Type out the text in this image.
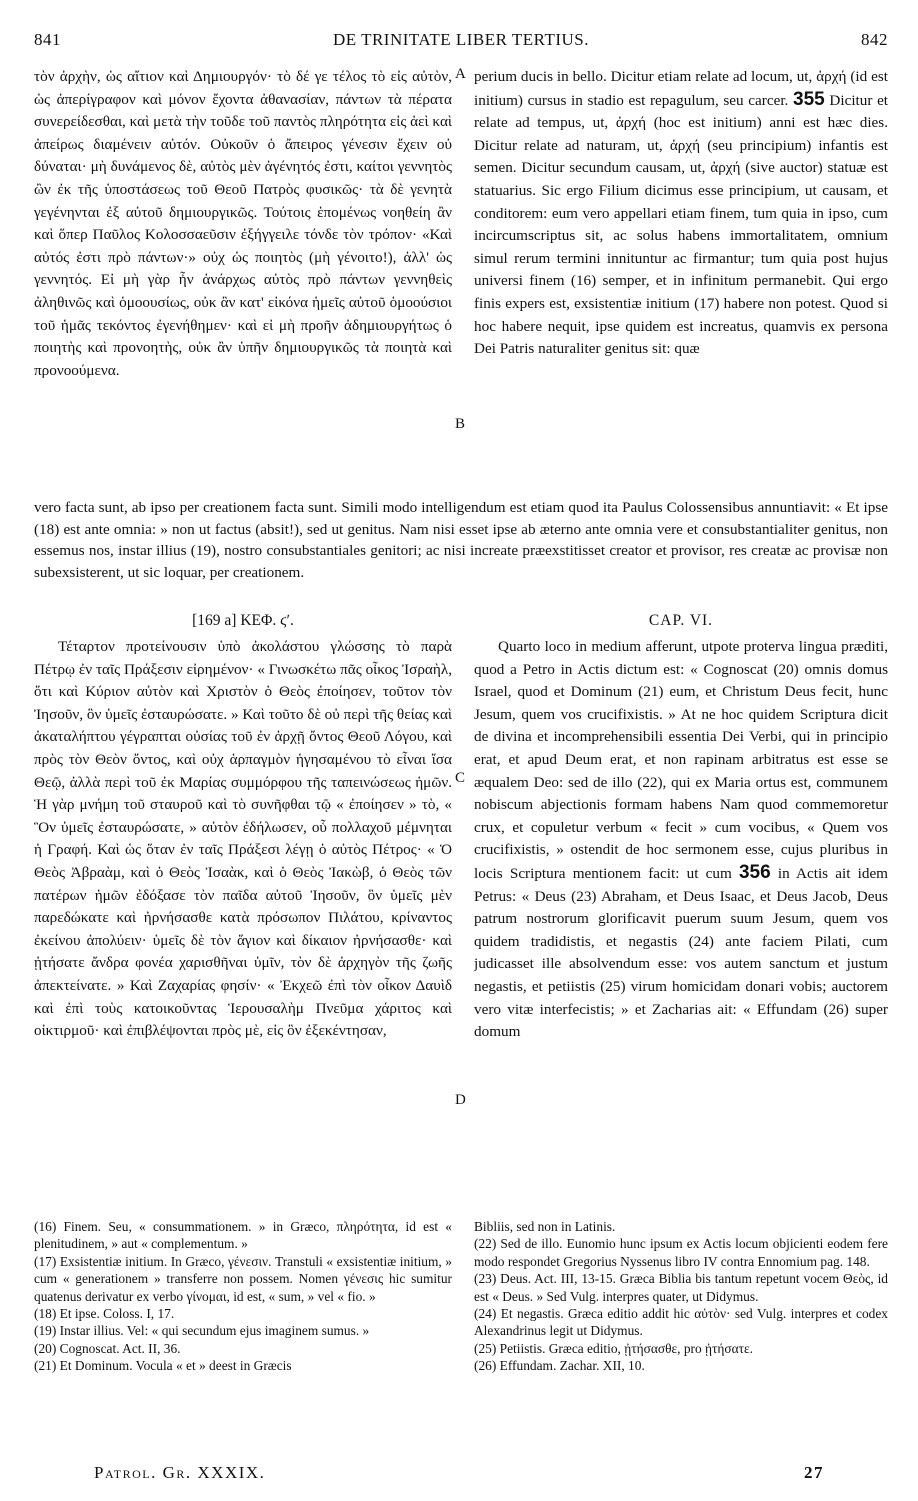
841	DE TRINITATE LIBER TERTIUS.	842

τὸν ἀρχὴν, ὡς αἴτιον καὶ Δημιουργόν· τὸ δέ γε τέλος τὸ εἰς αὐτὸν, ὡς ἀπερίγραφον καὶ μόνον ἔχοντα ἀθανασίαν, πάντων τὰ πέρατα συνερείδεσθαι, καὶ μετὰ τὴν τοῦδε τοῦ παντὸς πληρότητα εἰς ἀεὶ καὶ ἀπείρως διαμένειν αὐτόν. Οὐκοῦν ὁ ἄπειρος γένεσιν ἔχειν οὐ δύναται· μὴ δυνάμενος δὲ, αὐτὸς μὲν ἀγένητός ἐστι, καίτοι γεννητὸς ὢν ἐκ τῆς ὑποστάσεως τοῦ Θεοῦ Πατρὸς φυσικῶς· τὰ δὲ γενητὰ γεγένηνται ἐξ αὐτοῦ δημιουργικῶς. Τούτοις ἑπομένως νοηθείη ἂν καὶ ὅπερ Παῦλος Κολοσσαεῦσιν ἐξήγγειλε τόνδε τὸν τρόπον· «Καὶ αὐτός ἐστι πρὸ πάντων·» οὐχ ὡς ποιητὸς (μὴ γένοιτο!), ἀλλ' ὡς γεννητός. Εἰ μὴ γὰρ ἦν ἀνάρχως αὐτὸς πρὸ πάντων γεννηθεὶς ἀληθινῶς καὶ ὁμοουσίως, οὐκ ἂν κατ' εἰκόνα ἡμεῖς αὐτοῦ ὁμοούσιοι τοῦ ἡμᾶς τεκόντος ἐγενήθημεν· καὶ εἰ μὴ προῆν ἀδημιουργήτως ὁ ποιητὴς καὶ προνοητὴς, οὐκ ἂν ὑπῆν δημιουργικῶς τὰ ποιητὰ καὶ προνοούμενα.

A
B

perium ducis in bello. Dicitur etiam relate ad locum, ut, ἀρχή (id est initium) cursus in stadio est repagulum, seu carcer. 355 Dicitur et relate ad tempus, ut, ἀρχή (hoc est initium) anni est hæc dies. Dicitur relate ad naturam, ut, ἀρχή (seu principium) infantis est semen. Dicitur secundum causam, ut, ἀρχή (sive auctor) statuæ est statuarius. Sic ergo Filium dicimus esse principium, ut causam, et conditorem: eum vero appellari etiam finem, tum quia in ipso, cum incircumscriptus sit, ac solus habens immortalitatem, omnium simul rerum termini innituntur ac firmantur; tum quia post hujus universi finem (16) semper, et in infinitum permanebit. Qui ergo finis expers est, exsistentiæ initium (17) habere non potest. Quod si hoc habere nequit, ipse quidem est increatus, quamvis ex persona Dei Patris naturaliter genitus sit: quæ

vero facta sunt, ab ipso per creationem facta sunt. Simili modo intelligendum est etiam quod ita Paulus Colossensibus annuntiavit: « Et ipse (18) est ante omnia: » non ut factus (absit!), sed ut genitus. Nam nisi esset ipse ab æterno ante omnia vere et consubstantialiter genitus, non essemus nos, instar illius (19), nostro consubstantiales genitori; ac nisi increate præexstitisset creator et provisor, res creatæ ac provisæ non subexsisterent, ut sic loquar, per creationem.

[169 a] ΚΕΦ. ϛʹ.	CAP. VI.

Τέταρτον προτείνουσιν ὑπὸ ἀκολάστου γλώσσης τὸ παρὰ Πέτρῳ ἐν ταῖς Πράξεσιν εἰρημένον· « Γινωσκέτω πᾶς οἶκος Ἰσραὴλ, ὅτι καὶ Κύριον αὐτὸν καὶ Χριστὸν ὁ Θεὸς ἐποίησεν, τοῦτον τὸν Ἰησοῦν, ὃν ὑμεῖς ἐσταυρώσατε. » Καὶ τοῦτο δὲ οὐ περὶ τῆς θείας καὶ ἀκαταλήπτου γέγραπται οὐσίας τοῦ ἐν ἀρχῇ ὄντος Θεοῦ Λόγου, καὶ πρὸς τὸν Θεὸν ὄντος, καὶ οὐχ ἁρπαγμὸν ἡγησαμένου τὸ εἶναι ἴσα Θεῷ, ἀλλὰ περὶ τοῦ ἐκ Μαρίας συμμόρφου τῆς ταπεινώσεως ἡμῶν. Ἡ γὰρ μνήμη τοῦ σταυροῦ καὶ τὸ συνῆφθαι τῷ « ἐποίησεν » τὸ, « Ὃν ὑμεῖς ἐσταυρώσατε, » αὐτὸν ἐδήλωσεν, οὗ πολλαχοῦ μέμνηται ἡ Γραφή. Καὶ ὡς ὅταν ἐν ταῖς Πράξεσι λέγῃ ὁ αὐτὸς Πέτρος· « Ὁ Θεὸς Ἀβραὰμ, καὶ ὁ Θεὸς Ἰσαὰκ, καὶ ὁ Θεὸς Ἰακὼβ, ὁ Θεὸς τῶν πατέρων ἡμῶν ἐδόξασε τὸν παῖδα αὐτοῦ Ἰησοῦν, ὃν ὑμεῖς μὲν παρεδώκατε καὶ ἠρνήσασθε κατὰ πρόσωπον Πιλάτου, κρίναντος ἐκείνου ἀπολύειν· ὑμεῖς δὲ τὸν ἅγιον καὶ δίκαιον ἠρνήσασθε· καὶ ᾐτήσατε ἄνδρα φονέα χαρισθῆναι ὑμῖν, τὸν δὲ ἀρχηγὸν τῆς ζωῆς ἀπεκτείνατε. » Καὶ Ζαχαρίας φησίν· « Ἐκχεῶ ἐπὶ τὸν οἶκον Δαυὶδ καὶ ἐπὶ τοὺς κατοικοῦντας Ἱερουσαλὴμ Πνεῦμα χάριτος καὶ οἰκτιρμοῦ· καὶ ἐπιβλέψονται πρὸς μὲ, εἰς ὃν ἐξεκέντησαν,

C
D

Quarto loco in medium afferunt, utpote proterva lingua præditi, quod a Petro in Actis dictum est: « Cognoscat (20) omnis domus Israel, quod et Dominum (21) eum, et Christum Deus fecit, hunc Jesum, quem vos crucifixistis. » At ne hoc quidem Scriptura dicit de divina et incomprehensibili essentia Dei Verbi, qui in principio erat, et apud Deum erat, et non rapinam arbitratus est esse se æqualem Deo: sed de illo (22), qui ex Maria ortus est, communem nobiscum abjectionis formam habens Nam quod commemoretur crux, et copuletur verbum « fecit » cum vocibus, « Quem vos crucifixistis, » ostendit de hoc sermonem esse, cujus pluribus in locis Scriptura mentionem facit: ut cum 356 in Actis ait idem Petrus: « Deus (23) Abraham, et Deus Isaac, et Deus Jacob, Deus patrum nostrorum glorificavit puerum suum Jesum, quem vos quidem tradidistis, et negastis (24) ante faciem Pilati, cum judicasset ille absolvendum esse: vos autem sanctum et justum negastis, et petiistis (25) virum homicidam donari vobis; auctorem vero vitæ interfecistis; » et Zacharias ait: « Effundam (26) super domum

(16) Finem. Seu, « consummationem. » in Græco, πληρότητα, id est « plenitudinem, » aut « complementum. »

(17) Exsistentiæ initium. In Græco, γένεσιν. Transtuli « exsistentiæ initium, » cum « generationem » transferre non possem. Nomen γένεσις hic sumitur quatenus derivatur ex verbo γίνομαι, id est, « sum, » vel « fio. »

(18) Et ipse. Coloss. I, 17.

(19) Instar illius. Vel: « qui secundum ejus imaginem sumus. »

(20) Cognoscat. Act. II, 36.

(21) Et Dominum. Vocula « et » deest in Græcis

Bibliis, sed non in Latinis.

(22) Sed de illo. Eunomio hunc ipsum ex Actis locum objicienti eodem fere modo respondet Gregorius Nyssenus libro IV contra Ennomium pag. 148.

(23) Deus. Act. III, 13-15. Græca Biblia bis tantum repetunt vocem Θεὸς, id est « Deus. » Sed Vulg. interpres quater, ut Didymus.

(24) Et negastis. Græca editio addit hic αὐτὸν· sed Vulg. interpres et codex Alexandrinus legit ut Didymus.

(25) Petiistis. Græca editio, ᾐτήσασθε, pro ᾐτήσατε.

(26) Effundam. Zachar. XII, 10.

Patrol. Gr. XXXIX.	27
